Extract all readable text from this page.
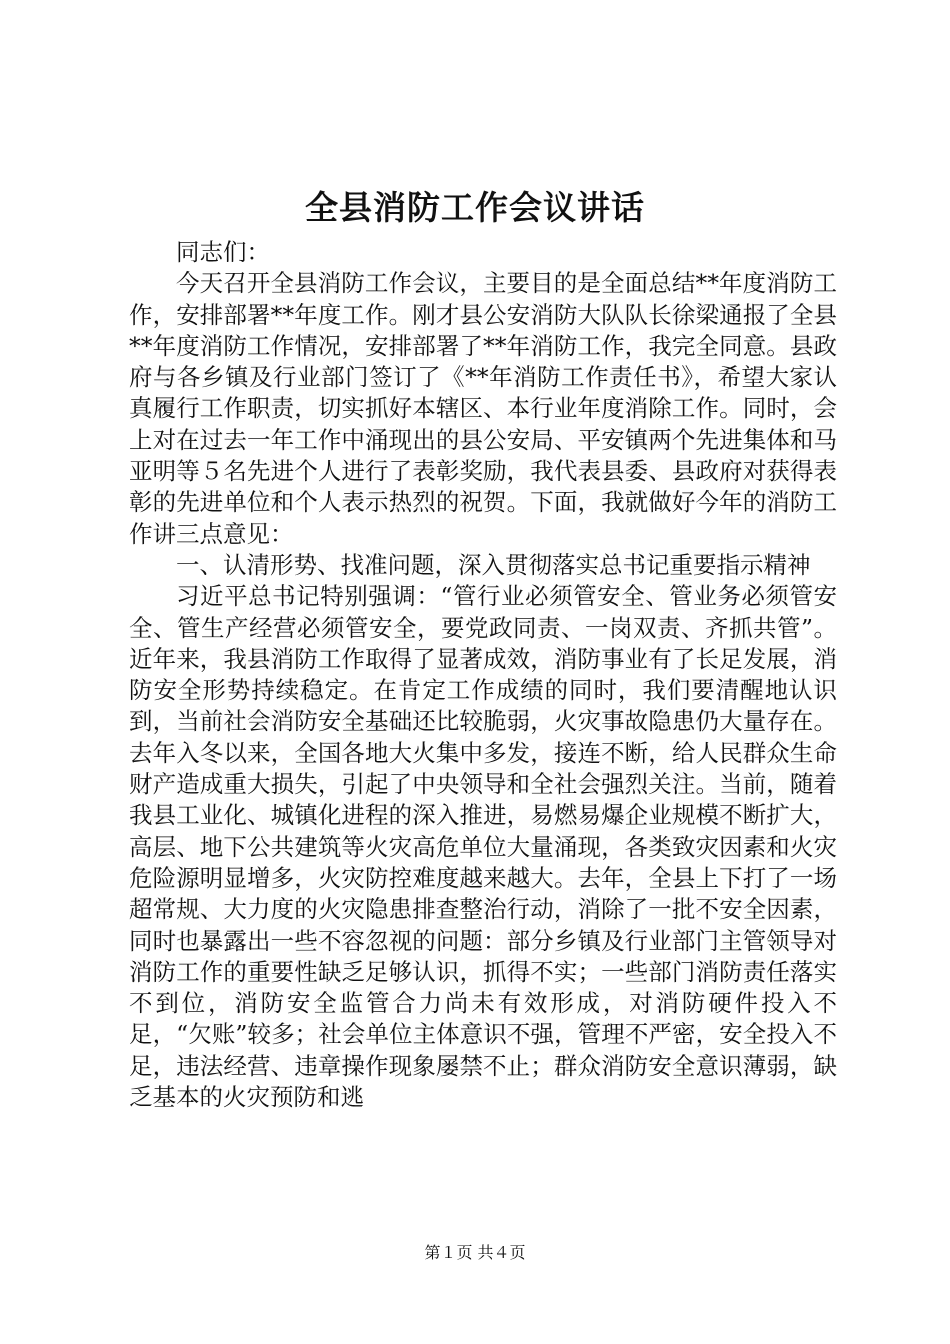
全县消防工作会议讲话

同志们：

今天召开全县消防工作会议，主要目的是全面总结**年度消防工作，安排部署**年度工作。刚才县公安消防大队队长徐梁通报了全县**年度消防工作情况，安排部署了**年消防工作，我完全同意。县政府与各乡镇及行业部门签订了《**年消防工作责任书》，希望大家认真履行工作职责，切实抓好本辖区、本行业年度消除工作。同时，会上对在过去一年工作中涌现出的县公安局、平安镇两个先进集体和马亚明等５名先进个人进行了表彰奖励，我代表县委、县政府对获得表彰的先进单位和个人表示热烈的祝贺。下面，我就做好今年的消防工作讲三点意见：

一、认清形势、找准问题，深入贯彻落实总书记重要指示精神

习近平总书记特别强调：“管行业必须管安全、管业务必须管安全、管生产经营必须管安全，要党政同责、一岗双责、齐抓共管”。近年来，我县消防工作取得了显著成效，消防事业有了长足发展，消防安全形势持续稳定。在肯定工作成绩的同时，我们要清醒地认识到，当前社会消防安全基础还比较脆弱，火灾事故隐患仍大量存在。去年入冬以来，全国各地大火集中多发，接连不断，给人民群众生命财产造成重大损失，引起了中央领导和全社会强烈关注。当前，随着我县工业化、城镇化进程的深入推进，易燃易爆企业规模不断扩大，高层、地下公共建筑等火灾高危单位大量涌现，各类致灾因素和火灾危险源明显增多，火灾防控难度越来越大。去年，全县上下打了一场超常规、大力度的火灾隐患排查整治行动，消除了一批不安全因素，同时也暴露出一些不容忽视的问题：部分乡镇及行业部门主管领导对消防工作的重要性缺乏足够认识，抓得不实；一些部门消防责任落实不到位，消防安全监管合力尚未有效形成，对消防硬件投入不足，“欠账”较多；社会单位主体意识不强，管理不严密，安全投入不足，违法经营、违章操作现象屡禁不止；群众消防安全意识薄弱，缺乏基本的火灾预防和逃

第１页 共４页
